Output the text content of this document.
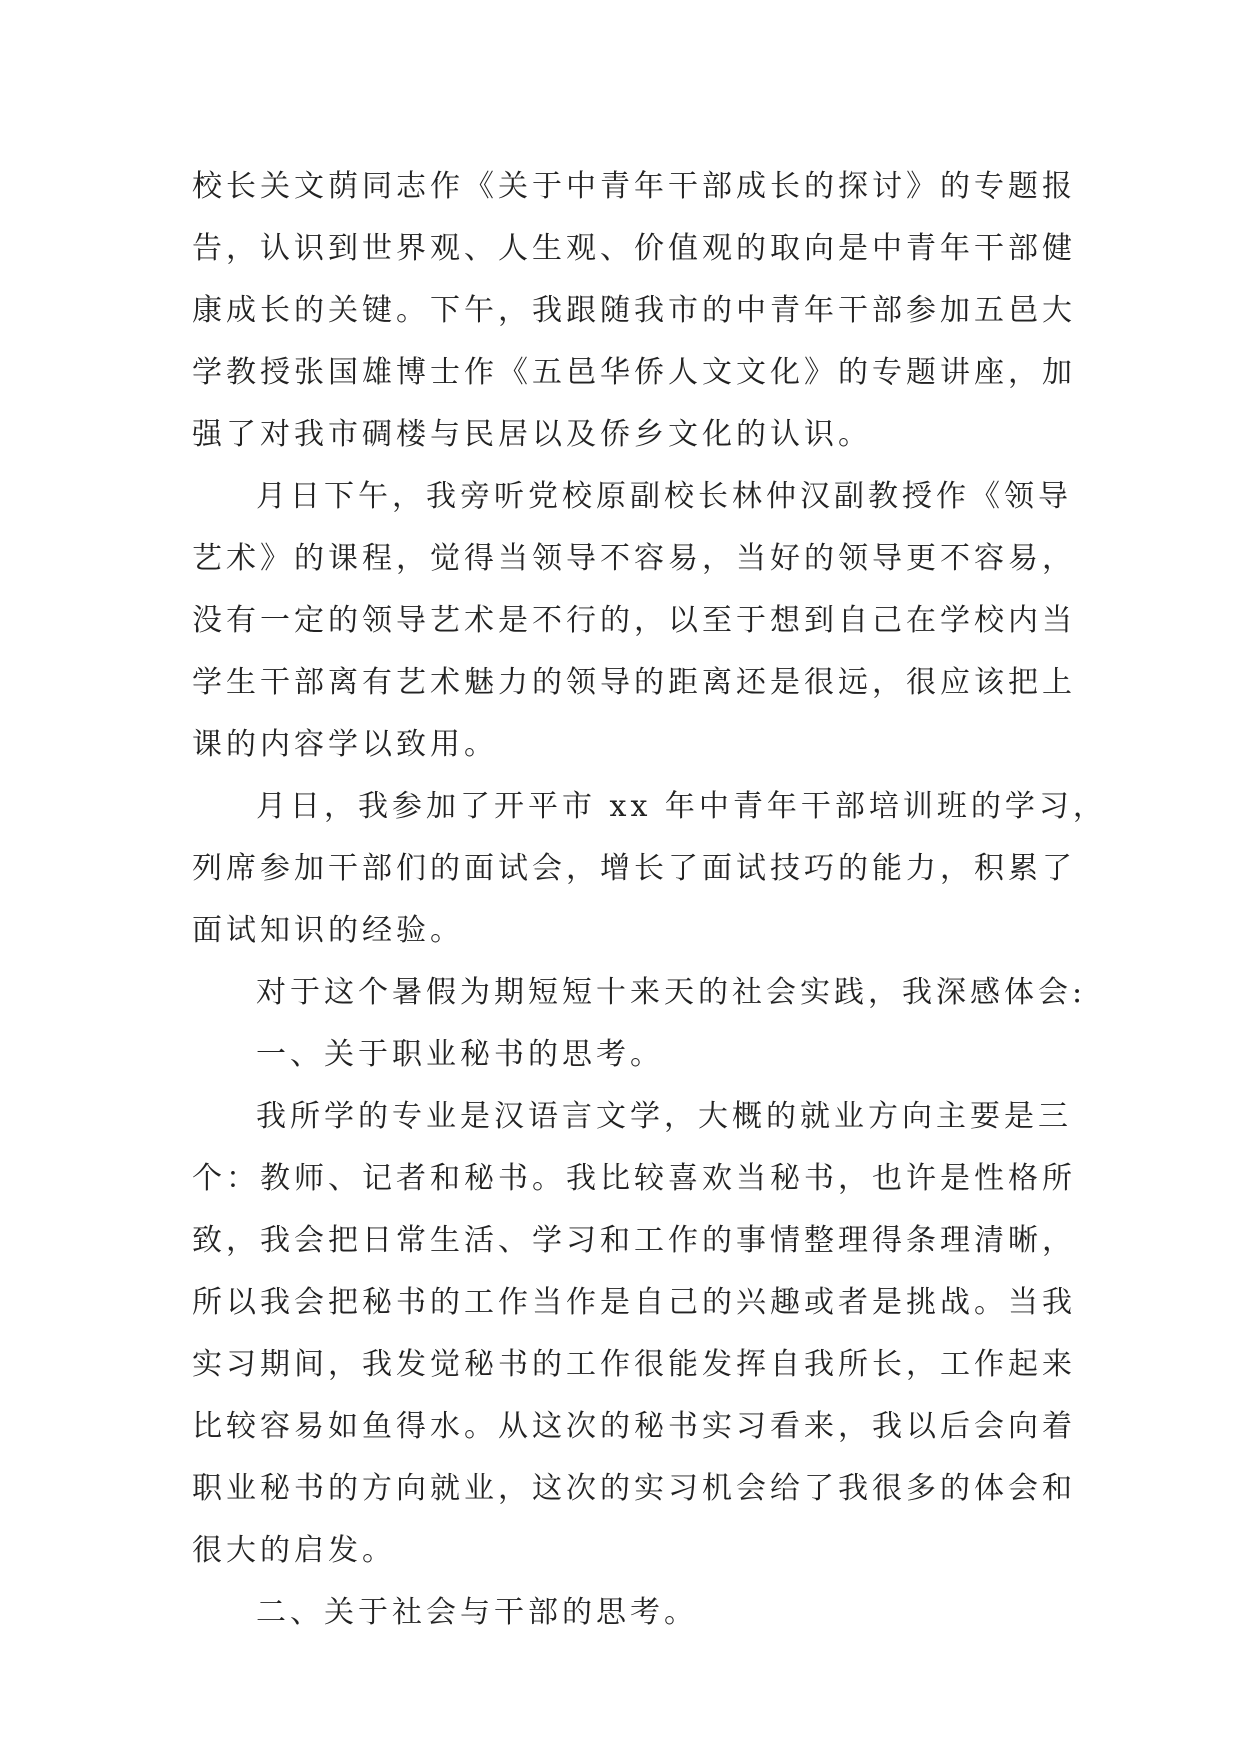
校长关文荫同志作《关于中青年干部成长的探讨》的专题报
告，认识到世界观、人生观、价值观的取向是中青年干部健
康成长的关键。下午，我跟随我市的中青年干部参加五邑大
学教授张国雄博士作《五邑华侨人文文化》的专题讲座，加
强了对我市碉楼与民居以及侨乡文化的认识。
月日下午，我旁听党校原副校长林仲汉副教授作《领导
艺术》的课程，觉得当领导不容易，当好的领导更不容易，
没有一定的领导艺术是不行的，以至于想到自己在学校内当
学生干部离有艺术魅力的领导的距离还是很远，很应该把上
课的内容学以致用。
月日，我参加了开平市 xx 年中青年干部培训班的学习，
列席参加干部们的面试会，增长了面试技巧的能力，积累了
面试知识的经验。
对于这个暑假为期短短十来天的社会实践，我深感体会:
一、关于职业秘书的思考。
我所学的专业是汉语言文学，大概的就业方向主要是三
个：教师、记者和秘书。我比较喜欢当秘书，也许是性格所
致，我会把日常生活、学习和工作的事情整理得条理清晰，
所以我会把秘书的工作当作是自己的兴趣或者是挑战。当我
实习期间，我发觉秘书的工作很能发挥自我所长，工作起来
比较容易如鱼得水。从这次的秘书实习看来，我以后会向着
职业秘书的方向就业，这次的实习机会给了我很多的体会和
很大的启发。
二、关于社会与干部的思考。
